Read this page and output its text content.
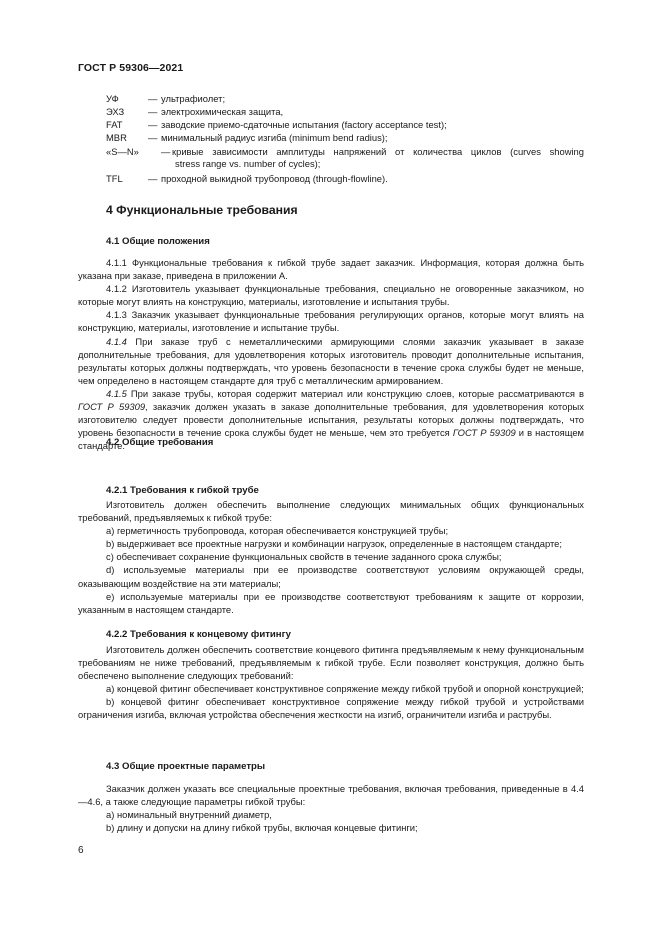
ГОСТ Р 59306—2021
УФ	— ультрафиолет;
ЭХЗ	— электрохимическая защита,
FAT	— заводские приемо-сдаточные испытания (factory acceptance test);
MBR — минимальный радиус изгиба (minimum bend radius);
«S—N» — кривые зависимости амплитуды напряжений от количества циклов (curves showing
stress range vs. number of cycles);
TFL	— проходной выкидной трубопровод (through-flowline).
4 Функциональные требования
4.1 Общие положения

4.1.1 Функциональные требования к гибкой трубе задает заказчик. Информация, которая должна быть указана при заказе, приведена в приложении А.

4.1.2 Изготовитель указывает функциональные требования, специально не оговоренные заказчиком, но которые могут влиять на конструкцию, материалы, изготовление и испытания трубы.

4.1.3 Заказчик указывает функциональные требования регулирующих органов, которые могут влиять на конструкцию, материалы, изготовление и испытание трубы.

4.1.4 При заказе труб с неметаллическими армирующими слоями заказчик указывает в заказе дополнительные требования, для удовлетворения которых изготовитель проводит дополнительные испытания, результаты которых должны подтверждать, что уровень безопасности в течение срока службы будет не меньше, чем определено в настоящем стандарте для труб с металлическим армированием.

4.1.5 При заказе трубы, которая содержит материал или конструкцию слоев, которые рассматриваются в ГОСТ Р 59309, заказчик должен указать в заказе дополнительные требования, для удовлетворения которых изготовителю следует провести дополнительные испытания, результаты которых должны подтверждать, что уровень безопасности в течение срока службы будет не меньше, чем это требуется ГОСТ Р 59309 и в настоящем стандарте.

4.2 Общие требования
4.2.1 Требования к гибкой трубе

Изготовитель должен обеспечить выполнение следующих минимальных общих функциональных требований, предъявляемых к гибкой трубе:

а) герметичность трубопровода, которая обеспечивается конструкцией трубы;

b) выдерживает все проектные нагрузки и комбинации нагрузок, определенные в настоящем стандарте;

с) обеспечивает сохранение функциональных свойств в течение заданного срока службы;

d) используемые материалы при ее производстве соответствуют условиям окружающей среды, оказывающим воздействие на эти материалы;

е) используемые материалы при ее производстве соответствуют требованиям к защите от коррозии, указанным в настоящем стандарте.

4.2.2 Требования к концевому фитингу

Изготовитель должен обеспечить соответствие концевого фитинга предъявляемым к нему функциональным требованиям не ниже требований, предъявляемым к гибкой трубе. Если позволяет конструкция, должно быть обеспечено выполнение следующих требований:

а) концевой фитинг обеспечивает конструктивное сопряжение между гибкой трубой и опорной конструкцией;

b) концевой фитинг обеспечивает конструктивное сопряжение между гибкой трубой и устройствами ограничения изгиба, включая устройства обеспечения жесткости на изгиб, ограничители изгиба и раструбы.

4.3 Общие проектные параметры

Заказчик должен указать все специальные проектные требования, включая требования, приведенные в 4.4—4.6, а также следующие параметры гибкой трубы:

а) номинальный внутренний диаметр,

b) длину и допуски на длину гибкой трубы, включая концевые фитинги;

6
